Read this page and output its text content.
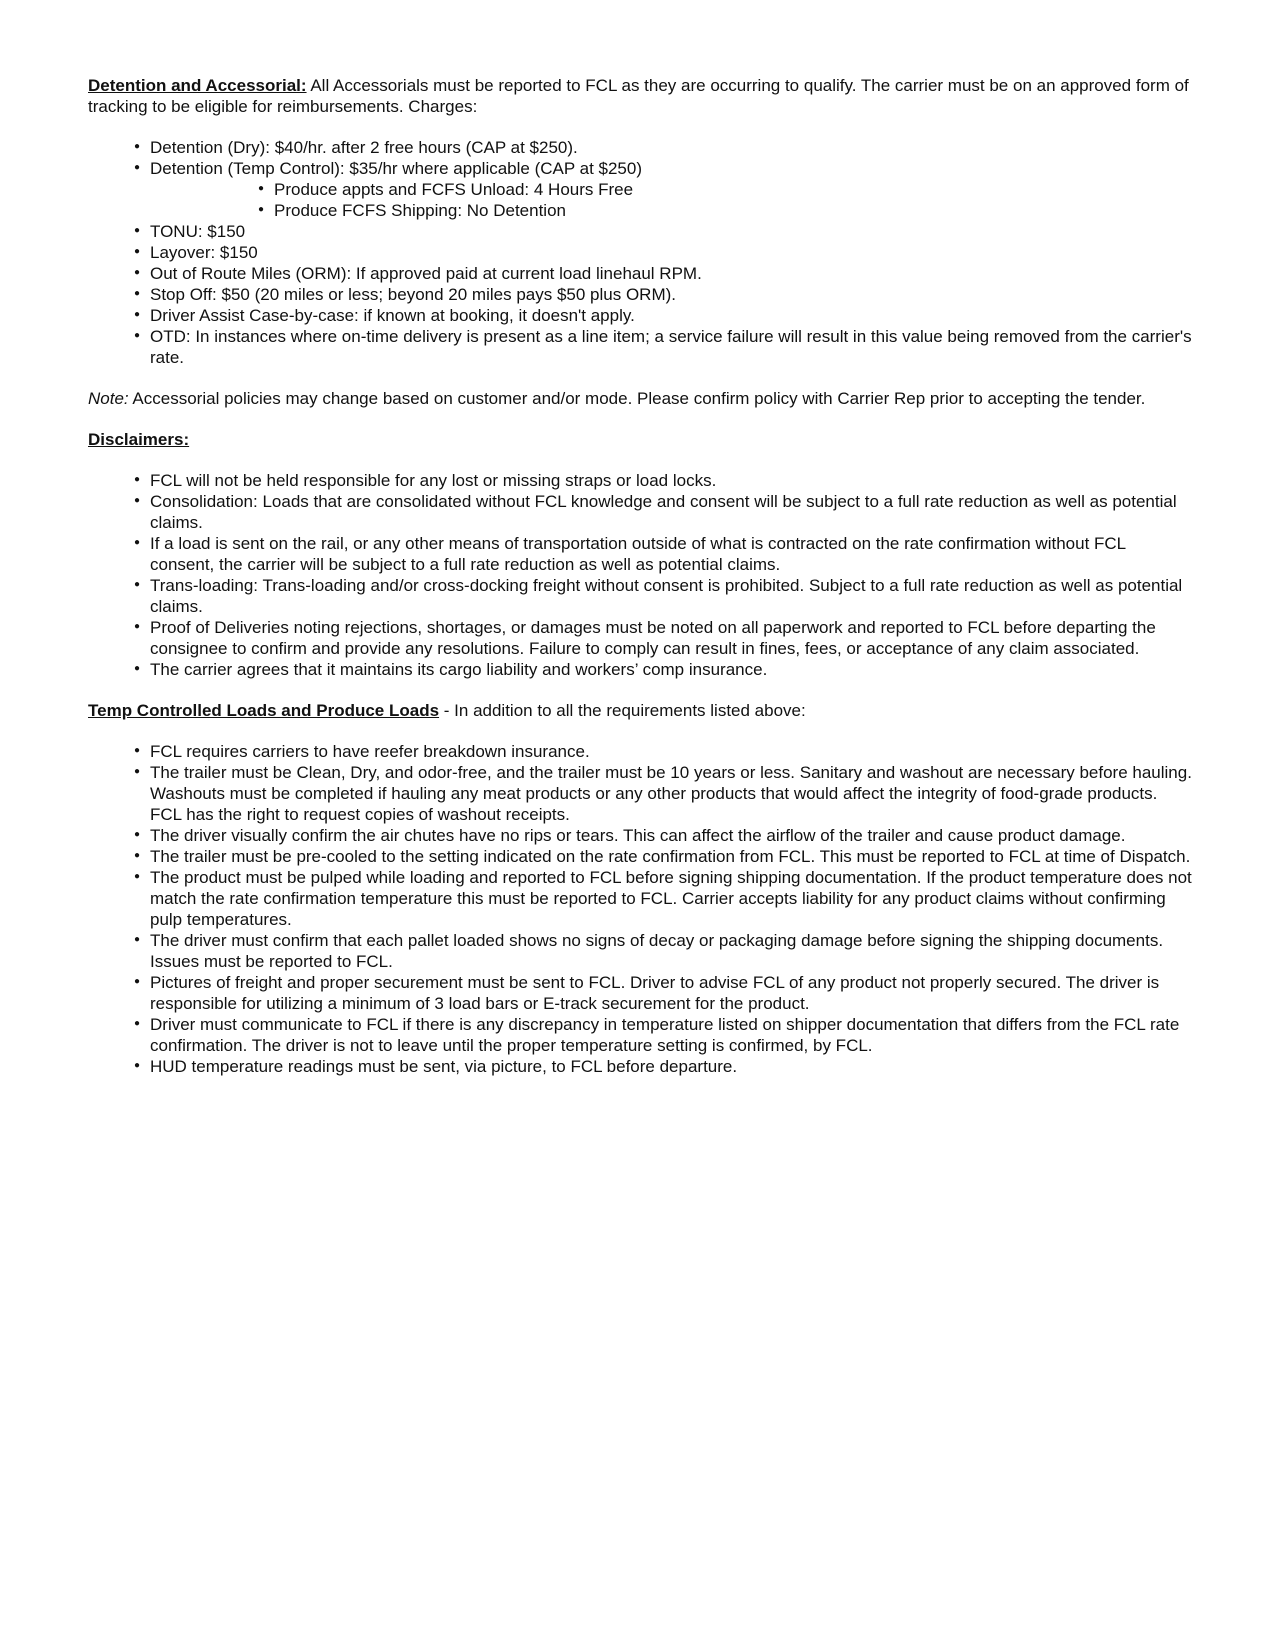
Detention and Accessorial: All Accessorials must be reported to FCL as they are occurring to qualify. The carrier must be on an approved form of tracking to be eligible for reimbursements. Charges:

● Detention (Dry): $40/hr. after 2 free hours (CAP at $250).
● Detention (Temp Control): $35/hr where applicable (CAP at $250)
● Produce appts and FCFS Unload: 4 Hours Free
● Produce FCFS Shipping: No Detention
● TONU: $150
● Layover: $150
● Out of Route Miles (ORM): If approved paid at current load linehaul RPM.
● Stop Off: $50 (20 miles or less; beyond 20 miles pays $50 plus ORM).
● Driver Assist Case-by-case: if known at booking, it doesn't apply.
● OTD: In instances where on-time delivery is present as a line item; a service failure will result in this value being removed from the carrier's rate.

Note: Accessorial policies may change based on customer and/or mode. Please confirm policy with Carrier Rep prior to accepting the tender.

Disclaimers:

● FCL will not be held responsible for any lost or missing straps or load locks.
● Consolidation: Loads that are consolidated without FCL knowledge and consent will be subject to a full rate reduction as well as potential claims.
● If a load is sent on the rail, or any other means of transportation outside of what is contracted on the rate confirmation without FCL consent, the carrier will be subject to a full rate reduction as well as potential claims.
● Trans-loading: Trans-loading and/or cross-docking freight without consent is prohibited. Subject to a full rate reduction as well as potential claims.
● Proof of Deliveries noting rejections, shortages, or damages must be noted on all paperwork and reported to FCL before departing the consignee to confirm and provide any resolutions. Failure to comply can result in fines, fees, or acceptance of any claim associated.
● The carrier agrees that it maintains its cargo liability and workers’ comp insurance.

Temp Controlled Loads and Produce Loads - In addition to all the requirements listed above:

● FCL requires carriers to have reefer breakdown insurance.
● The trailer must be Clean, Dry, and odor-free, and the trailer must be 10 years or less. Sanitary and washout are necessary before hauling. Washouts must be completed if hauling any meat products or any other products that would affect the integrity of food-grade products. FCL has the right to request copies of washout receipts.
● The driver visually confirm the air chutes have no rips or tears. This can affect the airflow of the trailer and cause product damage.
● The trailer must be pre-cooled to the setting indicated on the rate confirmation from FCL. This must be reported to FCL at time of Dispatch.
● The product must be pulped while loading and reported to FCL before signing shipping documentation. If the product temperature does not match the rate confirmation temperature this must be reported to FCL. Carrier accepts liability for any product claims without confirming pulp temperatures.
● The driver must confirm that each pallet loaded shows no signs of decay or packaging damage before signing the shipping documents. Issues must be reported to FCL.
● Pictures of freight and proper securement must be sent to FCL. Driver to advise FCL of any product not properly secured. The driver is responsible for utilizing a minimum of 3 load bars or E-track securement for the product.
● Driver must communicate to FCL if there is any discrepancy in temperature listed on shipper documentation that differs from the FCL rate confirmation. The driver is not to leave until the proper temperature setting is confirmed, by FCL.
● HUD temperature readings must be sent, via picture, to FCL before departure.
